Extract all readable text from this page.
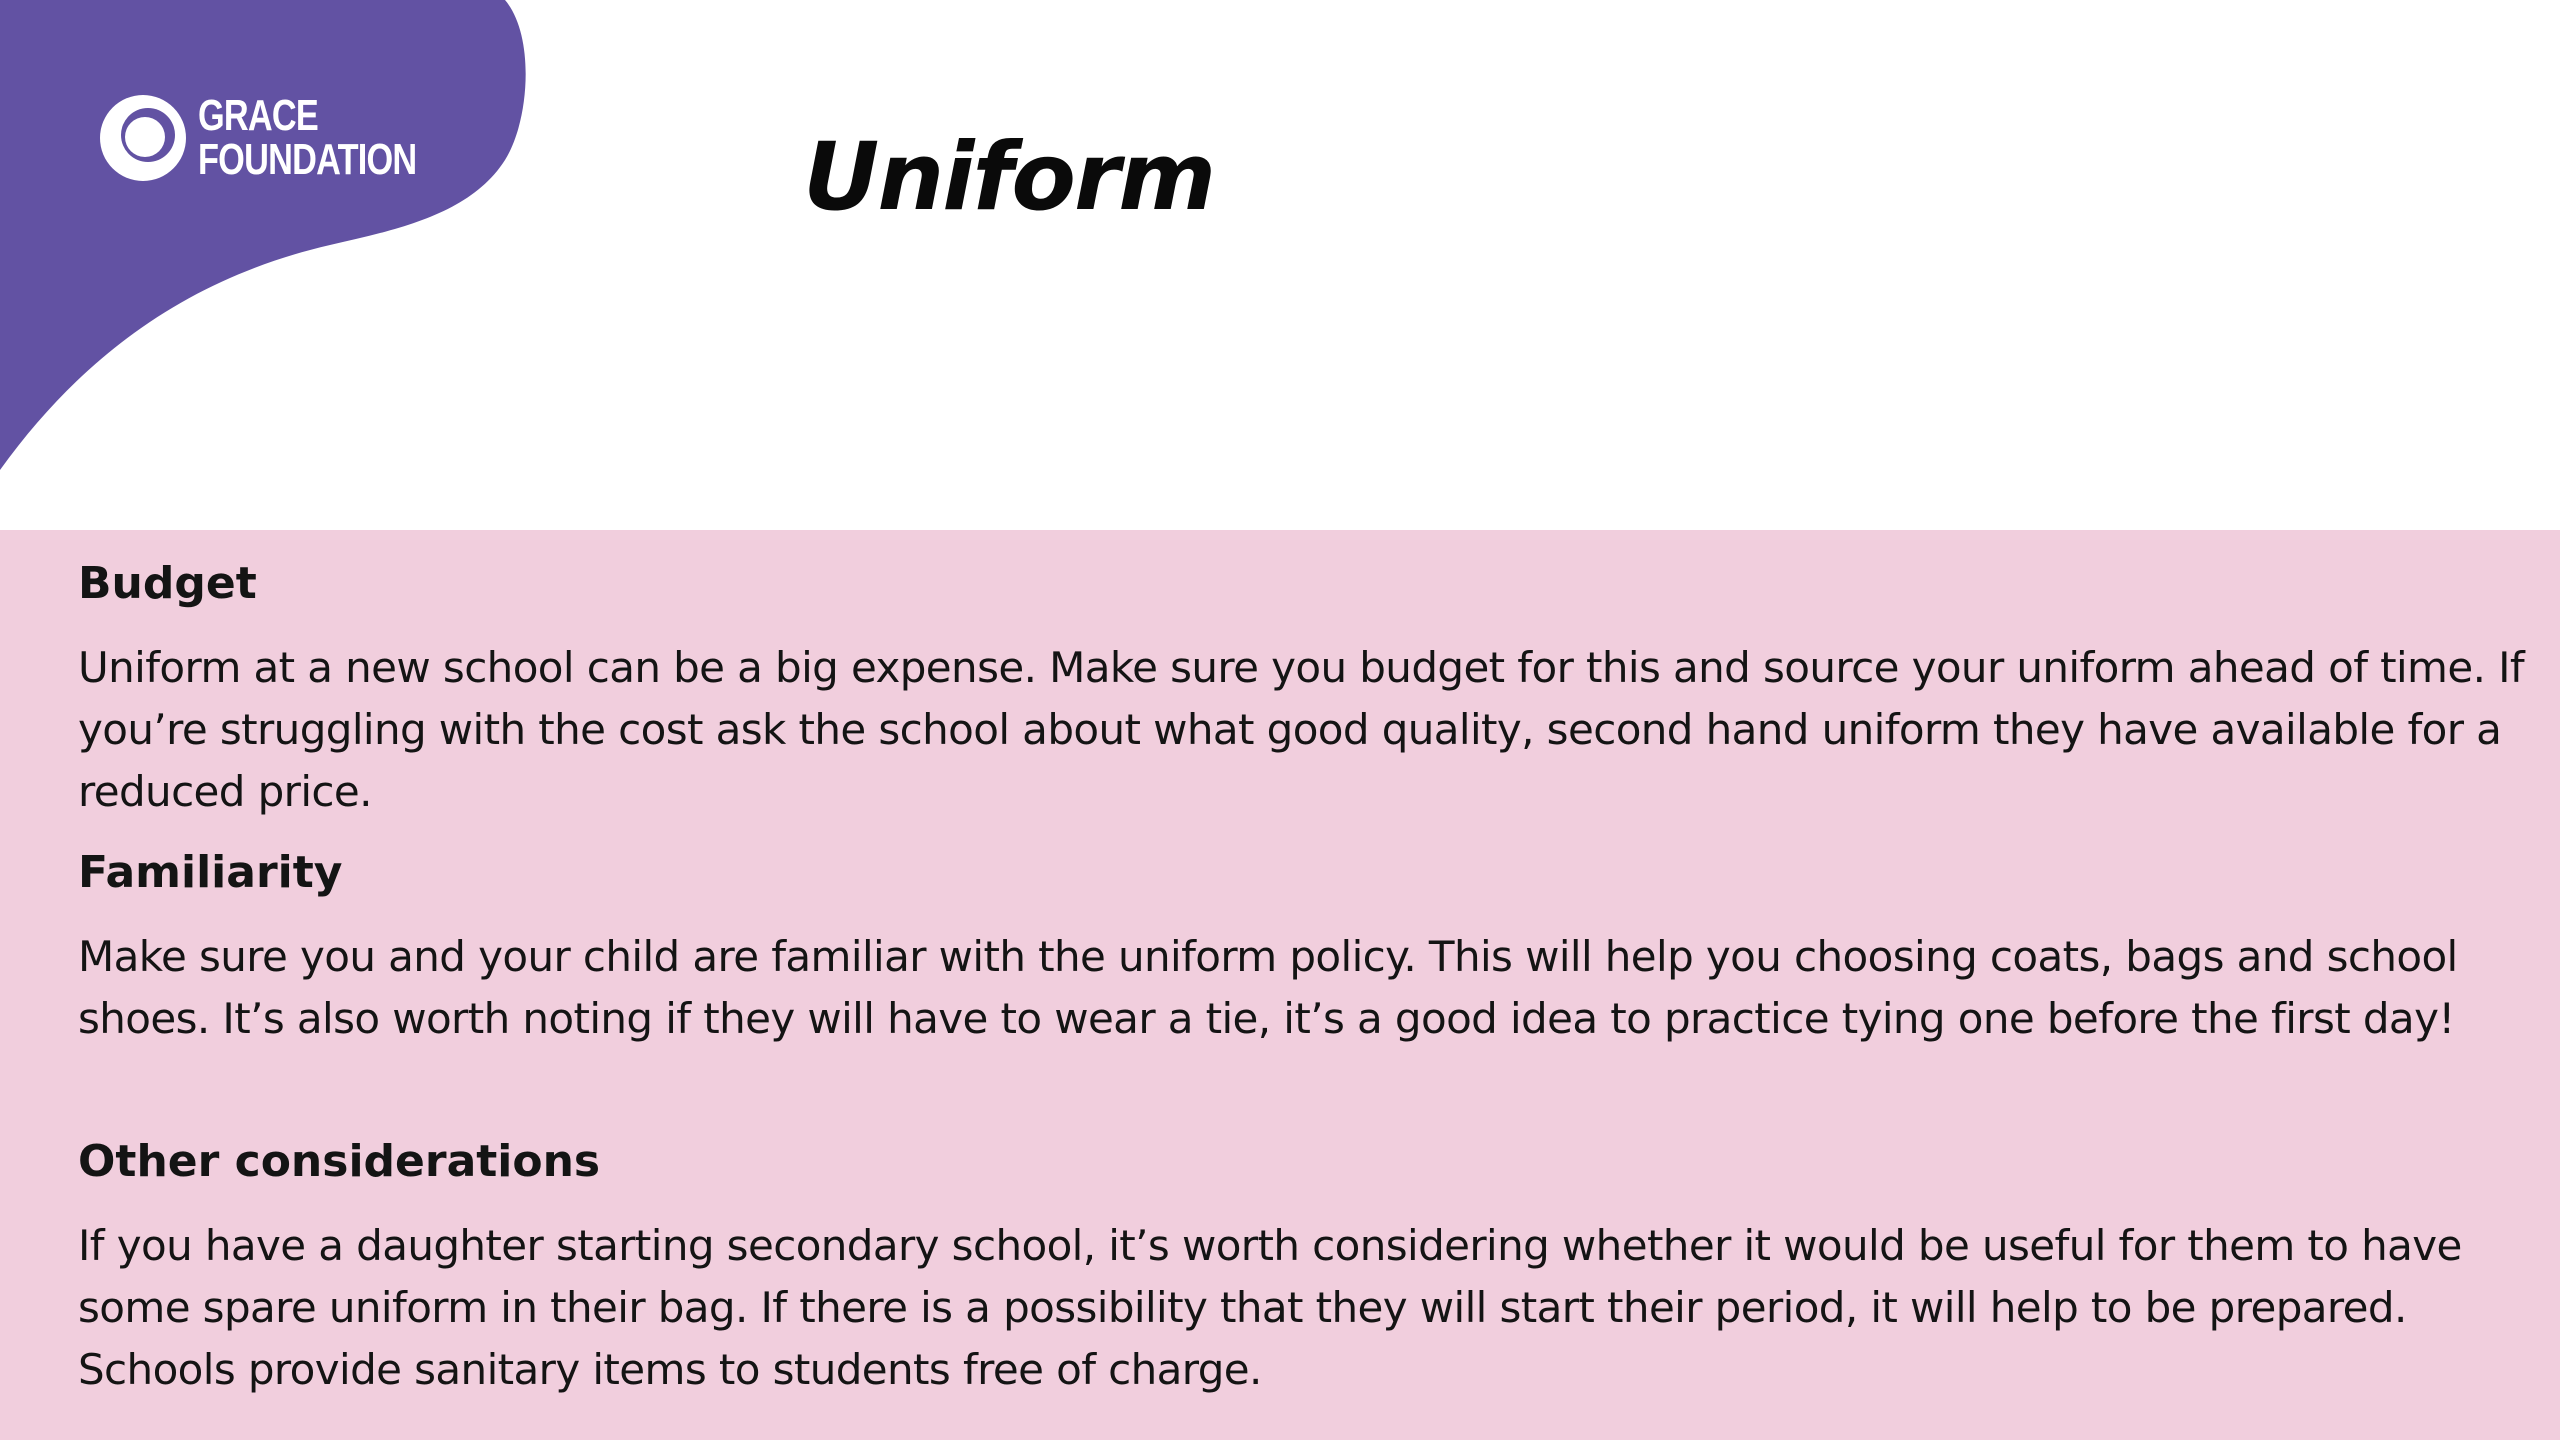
GRACE
FOUNDATION	Uniform
Budget

Uniform at a new school can be a big expense. Make sure you budget for this and source your uniform ahead of time. If you’re struggling with the cost ask the school about what good quality, second hand uniform they have available for a reduced price.

Familiarity

Make sure you and your child are familiar with the uniform policy. This will help you choosing coats, bags and school shoes. It’s also worth noting if they will have to wear a tie, it’s a good idea to practice tying one before the first day!

Other considerations

If you have a daughter starting secondary school, it’s worth considering whether it would be useful for them to have some spare uniform in their bag. If there is a possibility that they will start their period, it will help to be prepared. Schools provide sanitary items to students free of charge.
